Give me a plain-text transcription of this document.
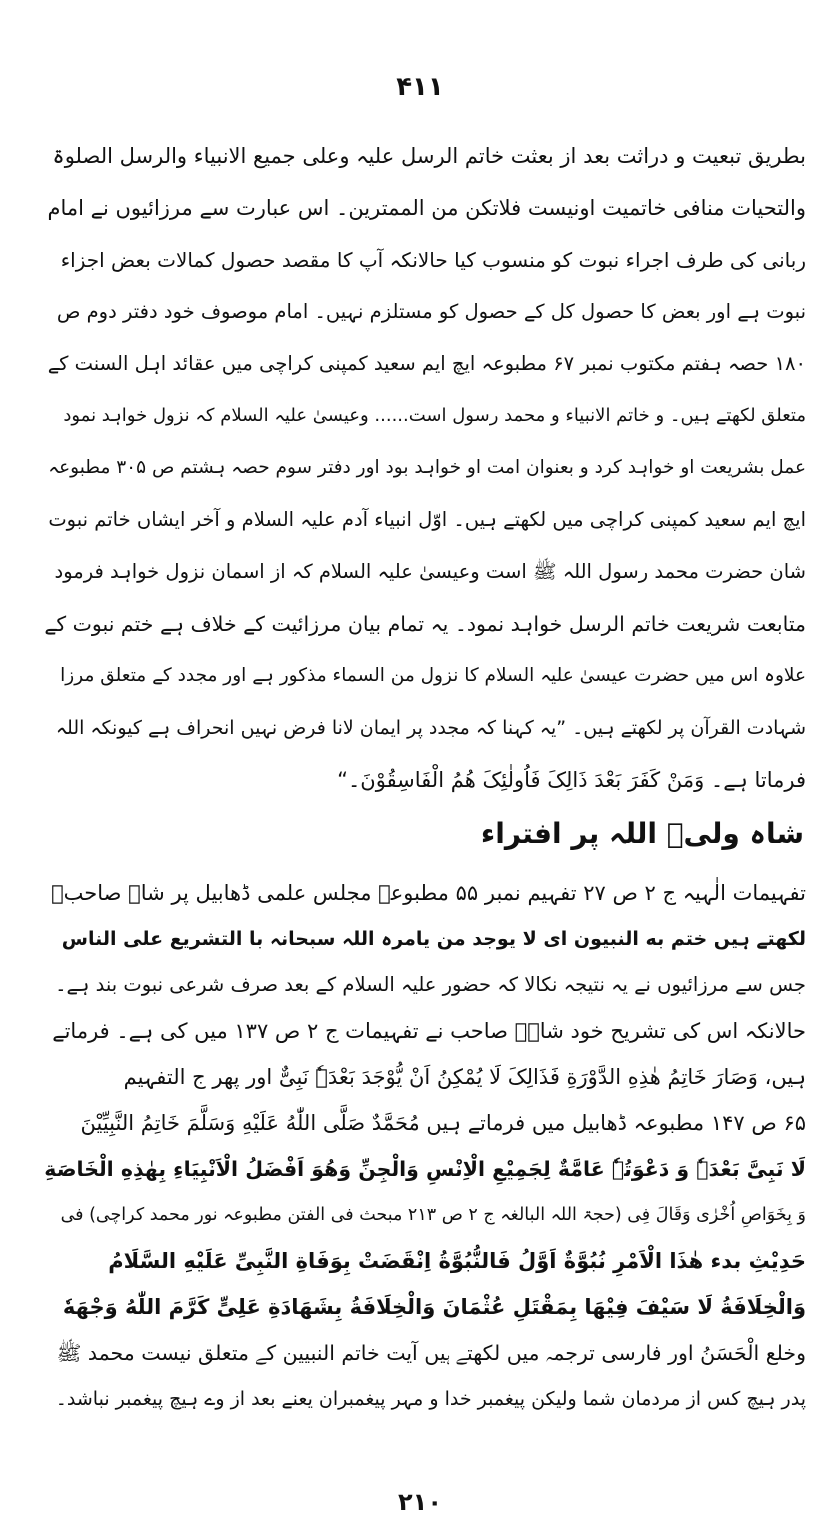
۴۱۱
بطریق تبعیت و دراثت بعد از بعثت خاتم الرسل علیہ وعلی جمیع الانبیاء والرسل الصلوۃ
والتحیات منافی خاتمیت اونیست فلاتکن من الممترین۔ اس عبارت سے مرزائیوں نے امام
ربانی کی طرف اجراء نبوت کو منسوب کیا حالانکہ آپ کا مقصد حصول کمالات بعض اجزاء
نبوت ہے اور بعض کا حصول کل کے حصول کو مستلزم نہیں۔ امام موصوف خود دفتر دوم ص
۱۸۰ حصہ ہفتم مکتوب نمبر ۶۷ مطبوعہ ایچ ایم سعید کمپنی کراچی میں عقائد اہل السنت کے
متعلق لکھتے ہیں۔ و خاتم الانبیاء و محمد رسول است...... وعیسیٰ علیہ السلام کہ نزول خواہد نمود
عمل بشریعت او خواہد کرد و بعنوان امت او خواہد بود اور دفتر سوم حصہ ہشتم ص ۳۰۵ مطبوعہ
ایچ ایم سعید کمپنی کراچی میں لکھتے ہیں۔ اوّل انبیاء آدم علیہ السلام و آخر ایشاں خاتم نبوت
شان حضرت محمد رسول اللہ ﷺ است وعیسیٰ علیہ السلام کہ از اسمان نزول خواہد فرمود
متابعت شریعت خاتم الرسل خواہد نمود۔ یہ تمام بیان مرزائیت کے خلاف ہے ختم نبوت کے
علاوہ اس میں حضرت عیسیٰ علیہ السلام کا نزول من السماء مذکور ہے اور مجدد کے متعلق مرزا
شہادت القرآن پر لکھتے ہیں۔ ”یہ کہنا کہ مجدد پر ایمان لانا فرض نہیں انحراف ہے کیونکہ اللہ
فرماتا ہے۔ وَمَنْ کَفَرَ بَعْدَ ذَالِکَ فَاُولٰئِکَ ھُمُ الْفَاسِقُوْنَ۔“
شاہ ولیؒ اللہ پر افتراء
تفہیمات الٰہیہ ج ۲ ص ۲۷ تفہیم نمبر ۵۵ مطبوعہ مجلس علمی ڈھابیل پر شاہ صاحبؒ
لکھتے ہیں ختم به النبیون ای لا یوجد من یامرہ اللہ سبحانہ با التشریع علی الناس
جس سے مرزائیوں نے یہ نتیجہ نکالا کہ حضور علیہ السلام کے بعد صرف شرعی نبوت بند ہے۔
حالانکہ اس کی تشریح خود شاہؒ صاحب نے تفہیمات ج ۲ ص ۱۳۷ میں کی ہے۔ فرماتے
ہیں، وَصَارَ خَاتِمُ هٰذِهِ الدَّوْرَةِ فَذَالِکَ لَا یُمْکِنُ اَنْ یُّوْجَدَ بَعْدَہٗ نَبِیٌّ اور پھر ج التفہیم
۶۵ ص ۱۴۷ مطبوعہ ڈھابیل میں فرماتے ہیں مُحَمَّدٌ صَلَّی اللّٰهُ عَلَیْهِ وَسَلَّمَ خَاتِمُ النَّبِیِّیْنَ
لَا نَبِیَّ بَعْدَہٗ وَ دَعْوَتُہٗ عَامَّةٌ لِجَمِیْعِ الْاِنْسِ وَالْجِنِّ وَھُوَ اَفْضَلُ الْاَنْبِیَاءِ بِھٰذِهِ الْخَاصَةِ
وَ بِخَوَاصِ اُخْرٰی وَقَالَ فِی (حجۃ اللہ البالغہ ج ۲ ص ۲۱۳ مبحث فی الفتن مطبوعہ نور محمد کراچی) فی
حَدِیْثِ بدء ھٰذَا الْاَمْرِ نُبُوَّةٌ اَوَّلُ فَالنُّبُوَّةُ اِنْقَضَتْ بِوَفَاةِ النَّبِیِّ عَلَیْهِ السَّلَامُ
وَالْخِلَافَةُ لَا سَیْفَ فِیْھَا بِمَقْتَلِ عُثْمَانَ وَالْخِلَافَةُ بِشَھَادَةِ عَلِیٍّ کَرَّمَ اللّٰهُ وَجْھَهٗ
وخلع الْحَسَنُ اور فارسی ترجمہ میں لکھتے ہیں آیت خاتم النبیین کے متعلق نیست محمد ﷺ
پدر ہیچ کس از مردمان شما ولیکن پیغمبر خدا و مہر پیغمبران یعنے بعد از وے ہیچ پیغمبر نباشد۔
۲۱۰
